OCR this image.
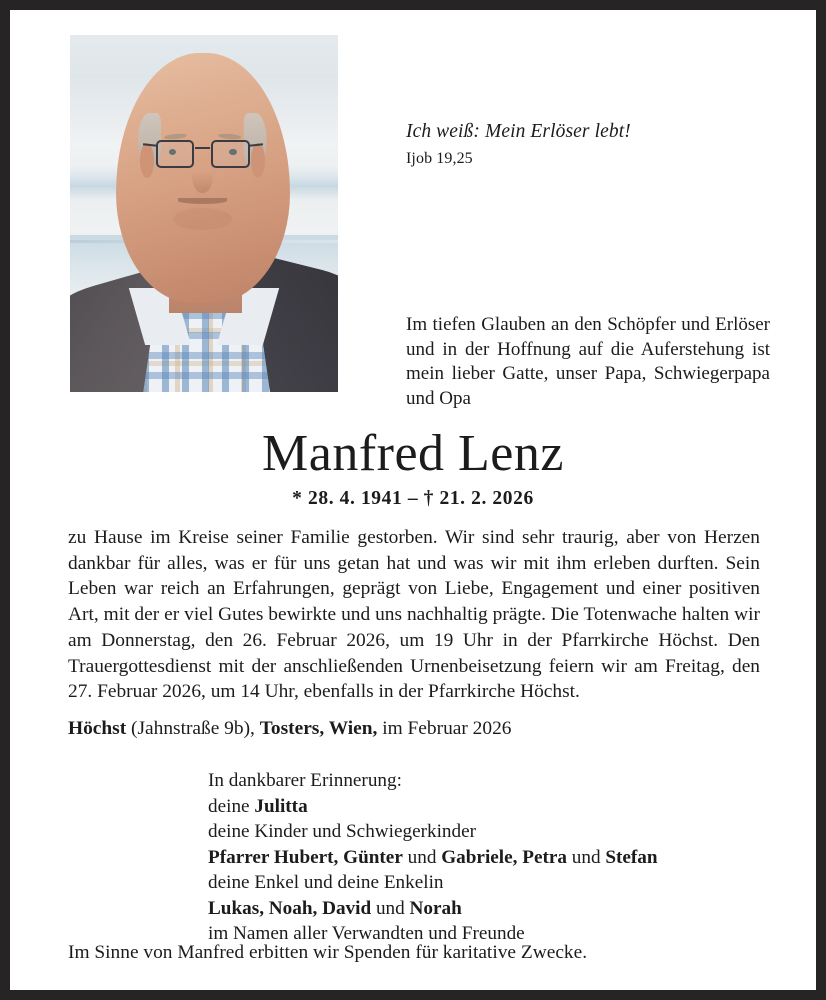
Ich weiß: Mein Erlöser lebt!
Ijob 19,25
Im tiefen Glauben an den Schöpfer und Erlöser und in der Hoffnung auf die Auferstehung ist mein lieber Gatte, unser Papa, Schwiegerpapa und Opa
Manfred Lenz
* 28. 4. 1941 – † 21. 2. 2026
zu Hause im Kreise seiner Familie gestorben. Wir sind sehr traurig, aber von Herzen dankbar für alles, was er für uns getan hat und was wir mit ihm erleben durften. Sein Leben war reich an Erfahrungen, geprägt von Liebe, Engagement und einer positiven Art, mit der er viel Gutes bewirkte und uns nachhaltig prägte. Die Totenwache halten wir am Donnerstag, den 26. Februar 2026, um 19 Uhr in der Pfarrkirche Höchst. Den Trauergottesdienst mit der anschließenden Urnenbeisetzung feiern wir am Freitag, den 27. Februar 2026, um 14 Uhr, ebenfalls in der Pfarrkirche Höchst.
Höchst (Jahnstraße 9b), Tosters, Wien, im Februar 2026
In dankbarer Erinnerung:
deine Julitta
deine Kinder und Schwiegerkinder
Pfarrer Hubert, Günter und Gabriele, Petra und Stefan
deine Enkel und deine Enkelin
Lukas, Noah, David und Norah
im Namen aller Verwandten und Freunde
Im Sinne von Manfred erbitten wir Spenden für karitative Zwecke.
